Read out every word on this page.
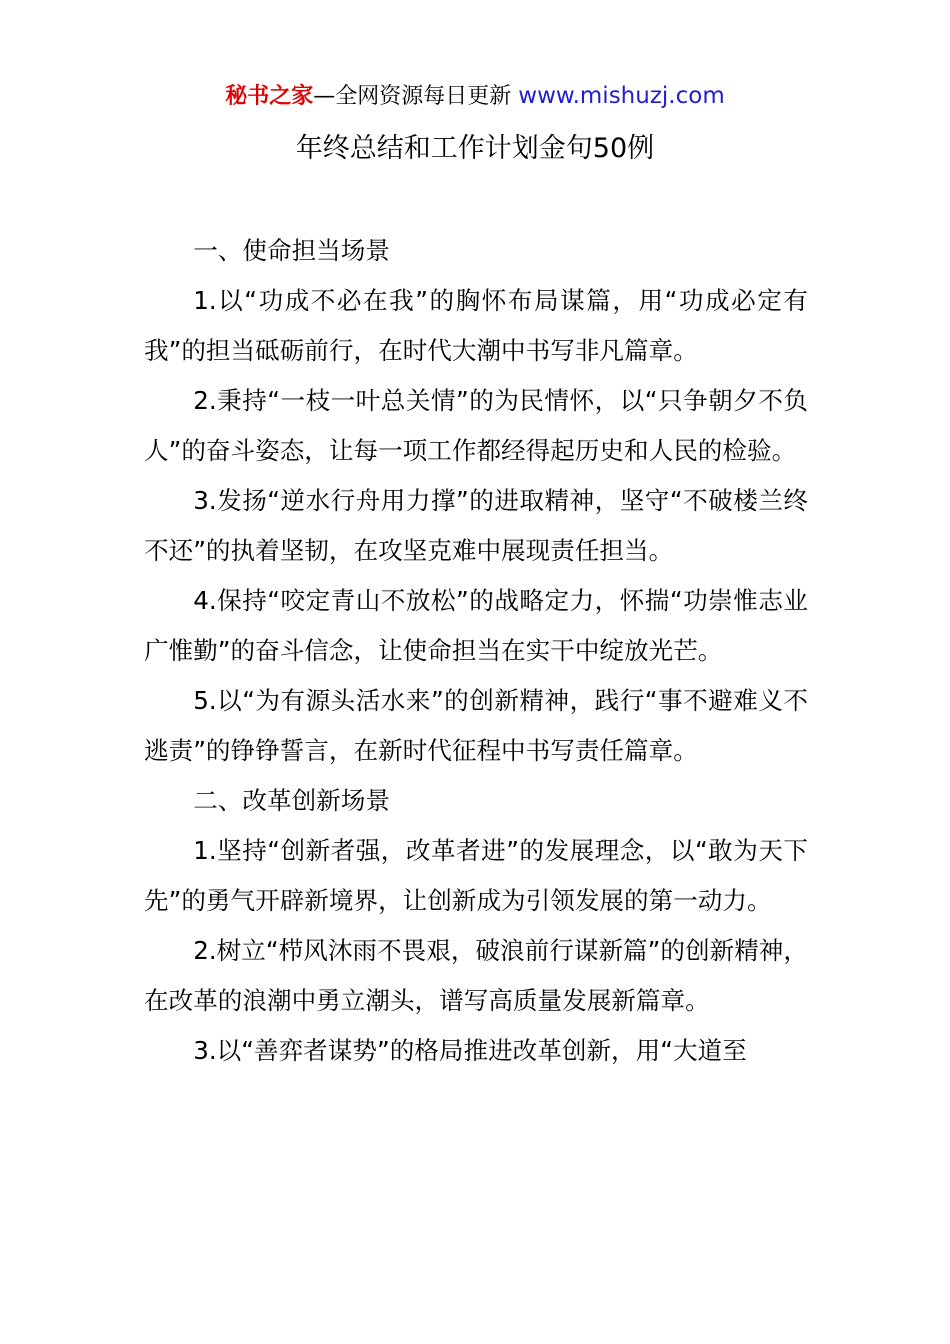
秘书之家—全网资源每日更新 www.mishuzj.com
年终总结和工作计划金句50例

一、使命担当场景

1.以“功成不必在我”的胸怀布局谋篇，用“功成必定有我”的担当砥砺前行，在时代大潮中书写非凡篇章。

2.秉持“一枝一叶总关情”的为民情怀，以“只争朝夕不负人”的奋斗姿态，让每一项工作都经得起历史和人民的检验。

3.发扬“逆水行舟用力撑”的进取精神，坚守“不破楼兰终不还”的执着坚韧，在攻坚克难中展现责任担当。

4.保持“咬定青山不放松”的战略定力，怀揣“功崇惟志业广惟勤”的奋斗信念，让使命担当在实干中绽放光芒。

5.以“为有源头活水来”的创新精神，践行“事不避难义不逃责”的铮铮誓言，在新时代征程中书写责任篇章。

二、改革创新场景

1.坚持“创新者强，改革者进”的发展理念，以“敢为天下先”的勇气开辟新境界，让创新成为引领发展的第一动力。

2.树立“栉风沐雨不畏艰，破浪前行谋新篇”的创新精神，在改革的浪潮中勇立潮头，谱写高质量发展新篇章。

3.以“善弈者谋势”的格局推进改革创新，用“大道至
